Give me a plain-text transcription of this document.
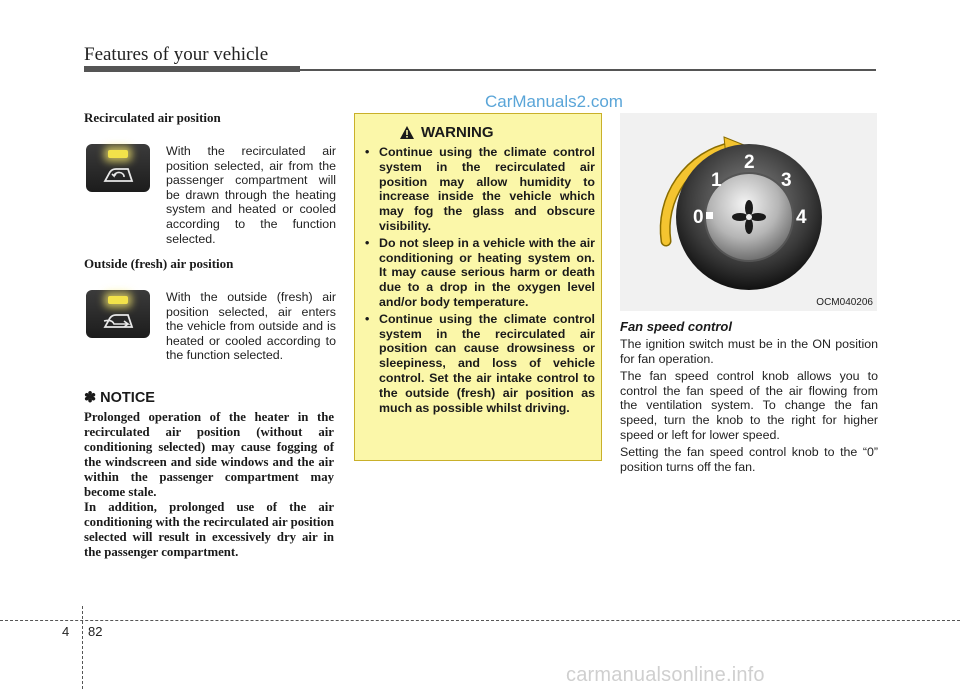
Features of your vehicle
CarManuals2.com
Recirculated air position
With the recirculated air position selected, air from the passenger compartment will be drawn through the heating system and heated or cooled according to the function selected.
Outside (fresh) air position
With the outside (fresh) air position selected, air enters the vehicle from outside and is heated or cooled according to the function selected.
✽ NOTICE

Prolonged operation of the heater in the recirculated air position (without air conditioning selected) may cause fogging of the windscreen and side windows and the air within the passenger compartment may become stale.

In addition, prolonged use of the air conditioning with the recirculated air position selected will result in excessively dry air in the passenger compartment.

WARNING
• Continue using the climate control system in the recirculated air position may allow humidity to increase inside the vehicle which may fog the glass and obscure visibility.
• Do not sleep in a vehicle with the air conditioning or heating system on. It may cause serious harm or death due to a drop in the oxygen level and/or body temperature.
• Continue using the climate control system in the recirculated air position can cause drowsiness or sleepiness, and loss of vehicle control. Set the air intake control to the outside (fresh) air position as much as possible whilst driving.
0
1
2
3
4
OCM040206
Fan speed control

The ignition switch must be in the ON position for fan operation.

The fan speed control knob allows you to control the fan speed of the air flowing from the ventilation system. To change the fan speed, turn the knob to the right for higher speed or left for lower speed.

Setting the fan speed control knob to the “0” position turns off the fan.

4 82
carmanualsonline.info
